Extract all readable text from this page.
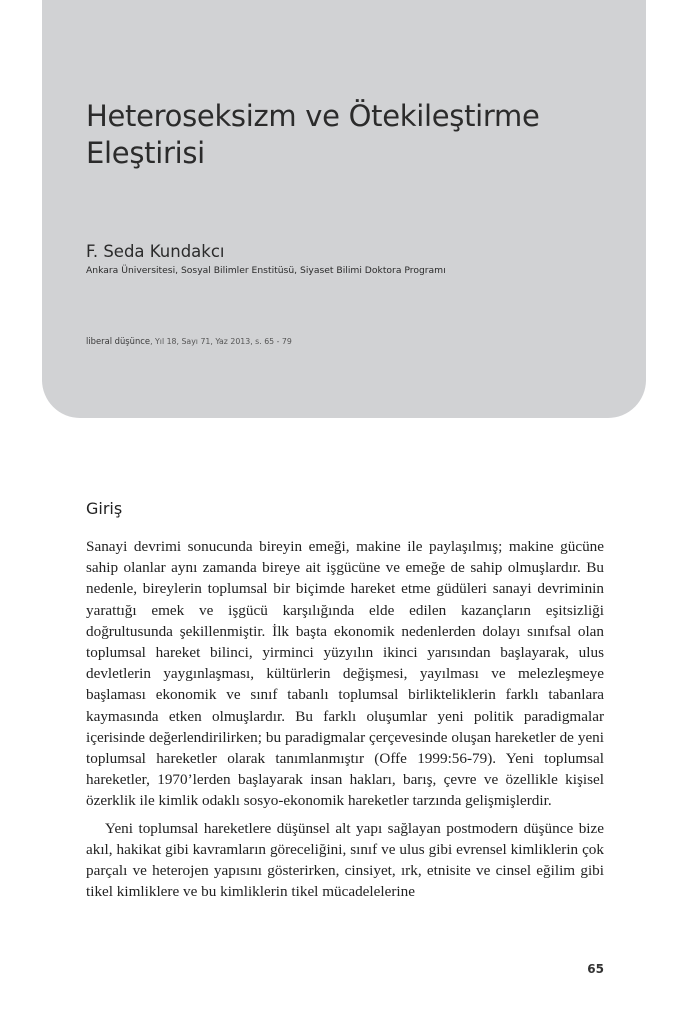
Heteroseksizm ve Ötekileştirme Eleştirisi

F. Seda Kundakcı

Ankara Üniversitesi, Sosyal Bilimler Enstitüsü, Siyaset Bilimi Doktora Programı

liberal düşünce, Yıl 18, Sayı 71, Yaz 2013, s. 65 - 79

Giriş

Sanayi devrimi sonucunda bireyin emeği, makine ile paylaşılmış; makine gücüne sahip olanlar aynı zamanda bireye ait işgücüne ve emeğe de sahip olmuşlardır. Bu nedenle, bireylerin toplumsal bir biçimde hareket etme güdüleri sanayi devriminin yarattığı emek ve işgücü karşılığında elde edilen kazançların eşitsizliği doğrultusunda şekillenmiştir. İlk başta ekonomik nedenlerden dolayı sınıfsal olan toplumsal hareket bilinci, yirminci yüzyılın ikinci yarısından başlayarak, ulus devletlerin yaygınlaşması, kültürlerin değişmesi, yayılması ve melezleşmeye başlaması ekonomik ve sınıf tabanlı toplumsal birlikteliklerin farklı tabanlara kaymasında etken olmuşlardır. Bu farklı oluşumlar yeni politik paradigmalar içerisinde değerlendirilirken; bu paradigmalar çerçevesinde oluşan hareketler de yeni toplumsal hareketler olarak tanımlanmıştır (Offe 1999:56-79). Yeni toplumsal hareketler, 1970’lerden başlayarak insan hakları, barış, çevre ve özellikle kişisel özerklik ile kimlik odaklı sosyo-ekonomik hareketler tarzında gelişmişlerdir.

Yeni toplumsal hareketlere düşünsel alt yapı sağlayan postmodern düşünce bize akıl, hakikat gibi kavramların göreceliğini, sınıf ve ulus gibi evrensel kimliklerin çok parçalı ve heterojen yapısını gösterirken, cinsiyet, ırk, etnisite ve cinsel eğilim gibi tikel kimliklere ve bu kimliklerin tikel mücadelelerine

65
